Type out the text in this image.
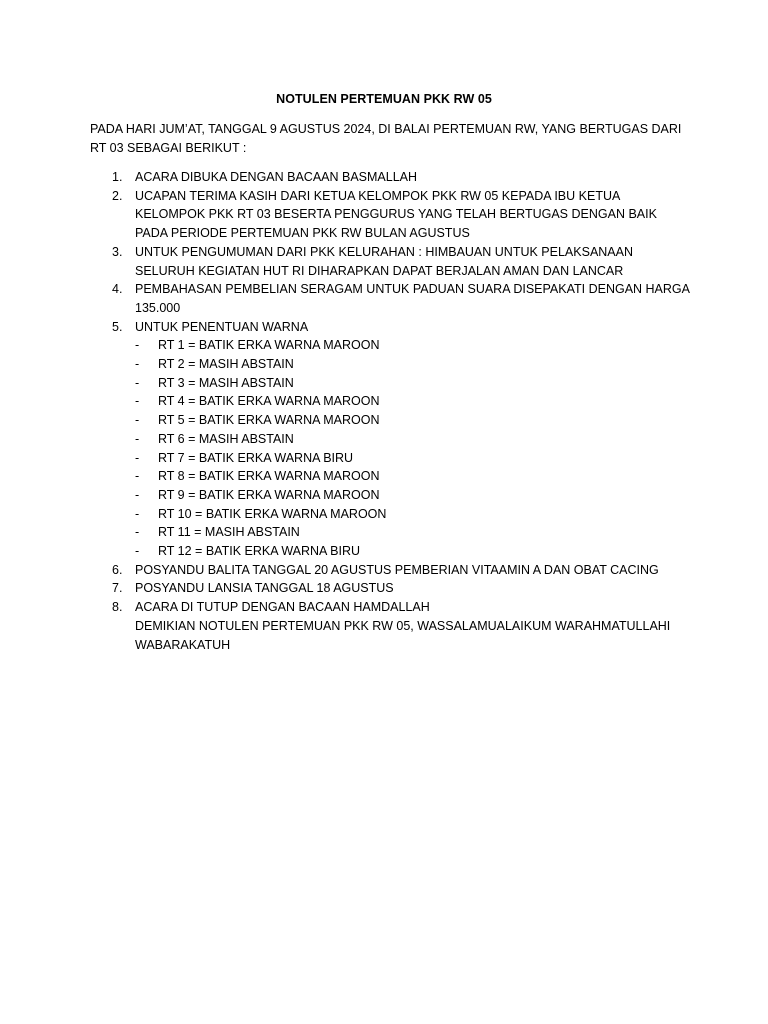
NOTULEN PERTEMUAN PKK RW 05
PADA HARI JUM’AT, TANGGAL 9 AGUSTUS 2024, DI BALAI PERTEMUAN RW, YANG BERTUGAS DARI RT 03 SEBAGAI BERIKUT :
1. ACARA DIBUKA DENGAN BACAAN BASMALLAH
2. UCAPAN TERIMA KASIH DARI KETUA KELOMPOK PKK RW 05 KEPADA IBU KETUA KELOMPOK PKK RT 03 BESERTA PENGGURUS YANG TELAH BERTUGAS DENGAN BAIK PADA PERIODE PERTEMUAN PKK RW BULAN AGUSTUS
3. UNTUK PENGUMUMAN DARI PKK KELURAHAN : HIMBAUAN UNTUK PELAKSANAAN SELURUH KEGIATAN HUT RI DIHARAPKAN DAPAT BERJALAN AMAN DAN LANCAR
4. PEMBAHASAN PEMBELIAN SERAGAM UNTUK PADUAN SUARA DISEPAKATI DENGAN HARGA 135.000
5. UNTUK PENENTUAN WARNA
- RT 1 = BATIK ERKA WARNA MAROON
- RT 2 = MASIH ABSTAIN
- RT 3 = MASIH ABSTAIN
- RT 4 = BATIK ERKA WARNA MAROON
- RT 5 = BATIK ERKA WARNA MAROON
- RT 6 = MASIH ABSTAIN
- RT 7 = BATIK ERKA WARNA BIRU
- RT 8 = BATIK ERKA WARNA MAROON
- RT 9 = BATIK ERKA WARNA MAROON
- RT 10 = BATIK ERKA WARNA MAROON
- RT 11 = MASIH ABSTAIN
- RT 12 = BATIK ERKA WARNA BIRU
6. POSYANDU BALITA TANGGAL 20 AGUSTUS PEMBERIAN VITAAMIN A DAN OBAT CACING
7. POSYANDU LANSIA TANGGAL 18 AGUSTUS
8. ACARA DI TUTUP DENGAN BACAAN HAMDALLAH
DEMIKIAN NOTULEN PERTEMUAN PKK RW 05, WASSALAMUALAIKUM WARAHMATULLAHI WABARAKATUH
